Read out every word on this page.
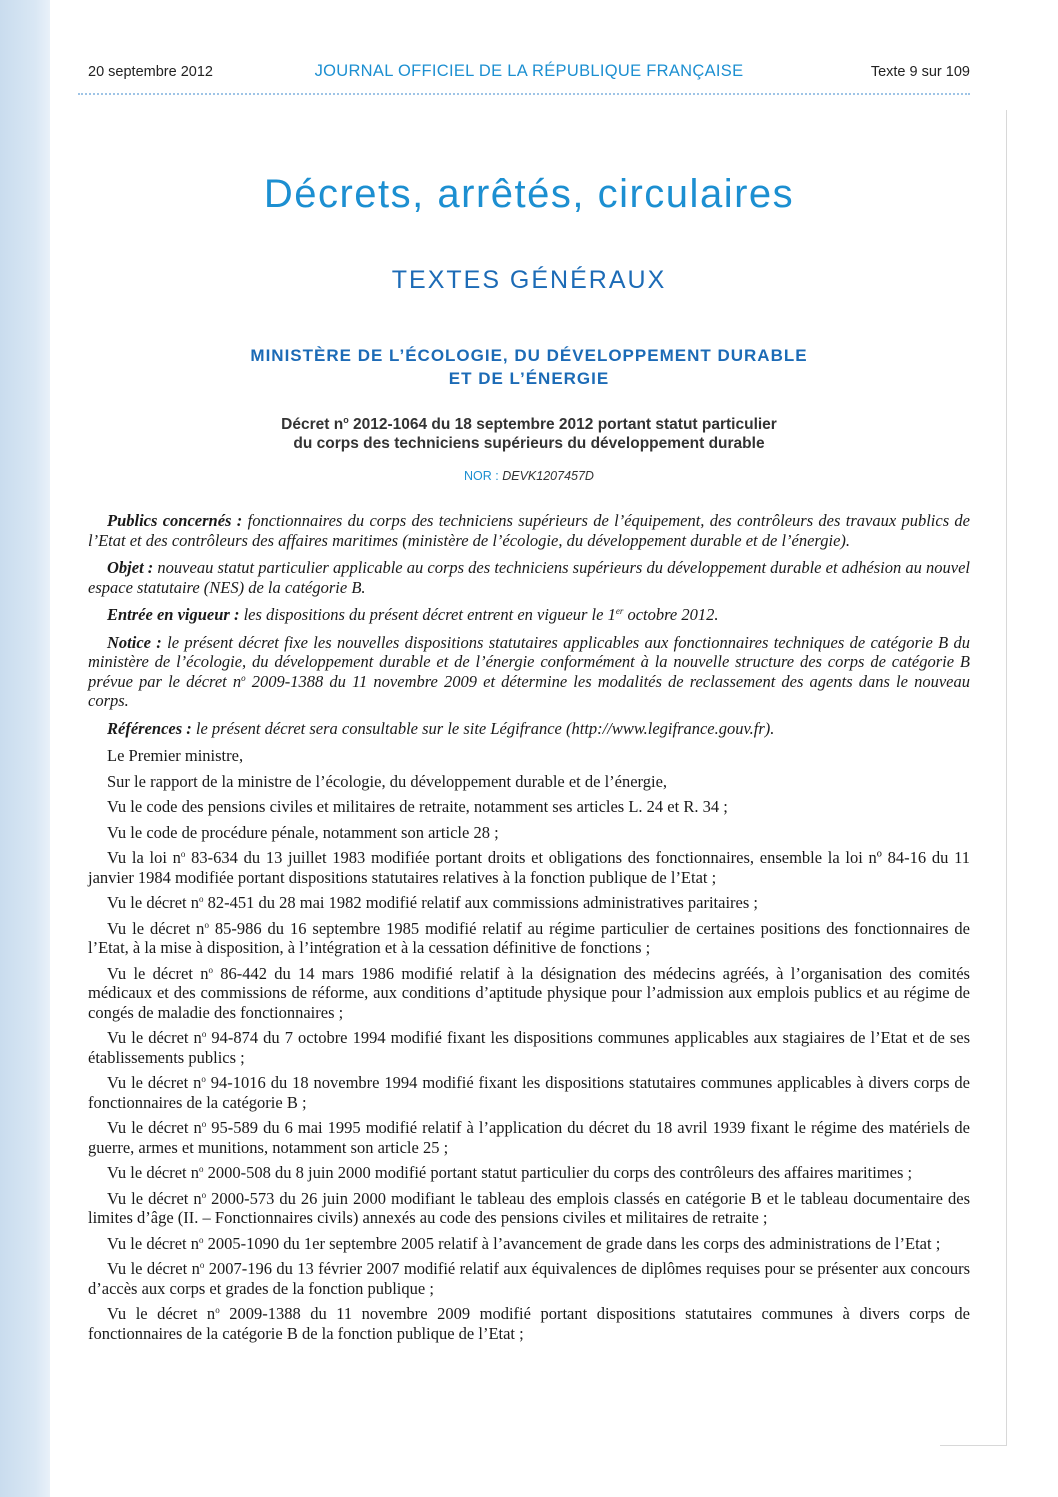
20 septembre 2012	JOURNAL OFFICIEL DE LA RÉPUBLIQUE FRANÇAISE	Texte 9 sur 109
Décrets, arrêtés, circulaires
TEXTES GÉNÉRAUX
MINISTÈRE DE L’ÉCOLOGIE, DU DÉVELOPPEMENT DURABLE
ET DE L’ÉNERGIE
Décret $n^o$ 2012-1064 du 18 septembre 2012 portant statut particulier
du corps des techniciens supérieurs du développement durable
NOR : DEVK1207457D

Publics concernés : fonctionnaires du corps des techniciens supérieurs de l’équipement, des contrôleurs des travaux publics de l’Etat et des contrôleurs des affaires maritimes (ministère de l’écologie, du développement durable et de l’énergie).

Objet : nouveau statut particulier applicable au corps des techniciens supérieurs du développement durable et adhésion au nouvel espace statutaire (NES) de la catégorie B.

Entrée en vigueur : les dispositions du présent décret entrent en vigueur le 1er octobre 2012.

Notice : le présent décret fixe les nouvelles dispositions statutaires applicables aux fonctionnaires techniques de catégorie B du ministère de l’écologie, du développement durable et de l’énergie conformément à la nouvelle structure des corps de catégorie B prévue par le décret $n^o$ 2009-1388 du 11 novembre 2009 et détermine les modalités de reclassement des agents dans le nouveau corps.

Références : le présent décret sera consultable sur le site Légifrance (http://www.legifrance.gouv.fr).

Le Premier ministre,

Sur le rapport de la ministre de l’écologie, du développement durable et de l’énergie,

Vu le code des pensions civiles et militaires de retraite, notamment ses articles L. 24 et R. 34 ;

Vu le code de procédure pénale, notamment son article 28 ;

Vu la loi $n^o$ 83-634 du 13 juillet 1983 modifiée portant droits et obligations des fonctionnaires, ensemble la loi nº 84-16 du 11 janvier 1984 modifiée portant dispositions statutaires relatives à la fonction publique de l’Etat ;

Vu le décret $n^o$ 82-451 du 28 mai 1982 modifié relatif aux commissions administratives paritaires ;

Vu le décret $n^o$ 85-986 du 16 septembre 1985 modifié relatif au régime particulier de certaines positions des fonctionnaires de l’Etat, à la mise à disposition, à l’intégration et à la cessation définitive de fonctions ;

Vu le décret $n^o$ 86-442 du 14 mars 1986 modifié relatif à la désignation des médecins agréés, à l’organisation des comités médicaux et des commissions de réforme, aux conditions d’aptitude physique pour l’admission aux emplois publics et au régime de congés de maladie des fonctionnaires ;

Vu le décret $n^o$ 94-874 du 7 octobre 1994 modifié fixant les dispositions communes applicables aux stagiaires de l’Etat et de ses établissements publics ;

Vu le décret $n^o$ 94-1016 du 18 novembre 1994 modifié fixant les dispositions statutaires communes applicables à divers corps de fonctionnaires de la catégorie B ;

Vu le décret $n^o$ 95-589 du 6 mai 1995 modifié relatif à l’application du décret du 18 avril 1939 fixant le régime des matériels de guerre, armes et munitions, notamment son article 25 ;

Vu le décret $n^o$ 2000-508 du 8 juin 2000 modifié portant statut particulier du corps des contrôleurs des affaires maritimes ;

Vu le décret $n^o$ 2000-573 du 26 juin 2000 modifiant le tableau des emplois classés en catégorie B et le tableau documentaire des limites d’âge (II. – Fonctionnaires civils) annexés au code des pensions civiles et militaires de retraite ;

Vu le décret $n^o$ 2005-1090 du 1er septembre 2005 relatif à l’avancement de grade dans les corps des administrations de l’Etat ;

Vu le décret $n^o$ 2007-196 du 13 février 2007 modifié relatif aux équivalences de diplômes requises pour se présenter aux concours d’accès aux corps et grades de la fonction publique ;

Vu le décret $n^o$ 2009-1388 du 11 novembre 2009 modifié portant dispositions statutaires communes à divers corps de fonctionnaires de la catégorie B de la fonction publique de l’Etat ;
